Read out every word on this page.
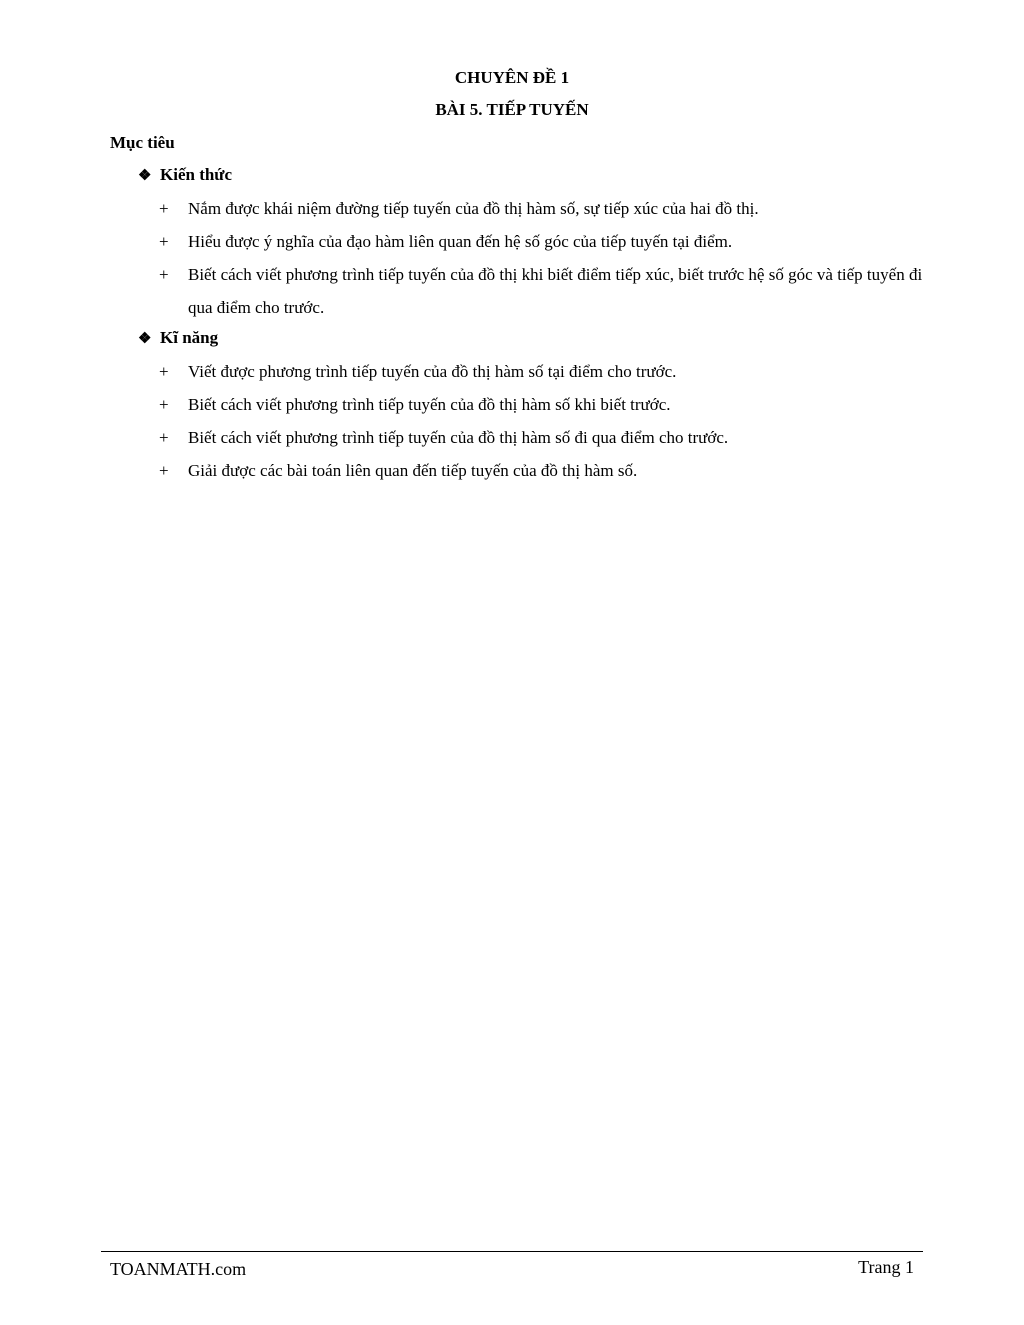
CHUYÊN ĐỀ 1
BÀI 5. TIẾP TUYẾN
Mục tiêu
❖ Kiến thức
+	Nắm được khái niệm đường tiếp tuyến của đồ thị hàm số, sự tiếp xúc của hai đồ thị.
+	Hiểu được ý nghĩa của đạo hàm liên quan đến hệ số góc của tiếp tuyến tại điểm.
+	Biết cách viết phương trình tiếp tuyến của đồ thị khi biết điểm tiếp xúc, biết trước hệ số góc và tiếp tuyến đi qua điểm cho trước.
❖ Kĩ năng
+	Viết được phương trình tiếp tuyến của đồ thị hàm số tại điểm cho trước.
+	Biết cách viết phương trình tiếp tuyến của đồ thị hàm số khi biết trước.
+	Biết cách viết phương trình tiếp tuyến của đồ thị hàm số đi qua điểm cho trước.
+	Giải được các bài toán liên quan đến tiếp tuyến của đồ thị hàm số.
TOANMATH.com	Trang 1
